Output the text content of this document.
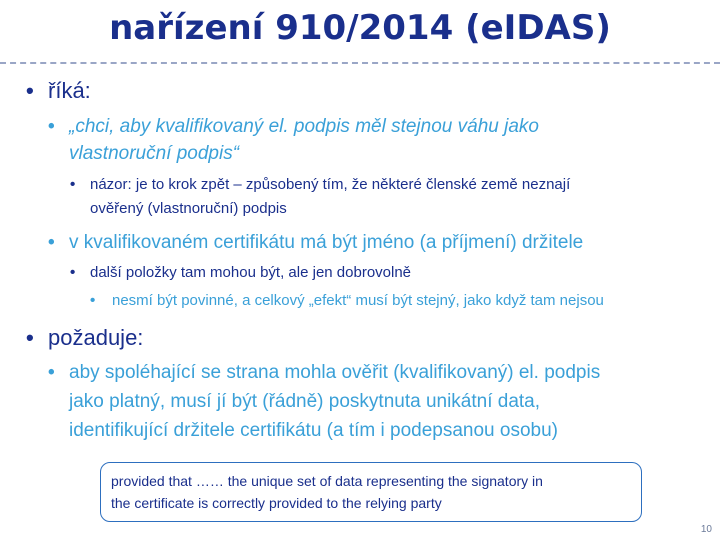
nařízení 910/2014 (eIDAS)
• říká:
• „chci, aby kvalifikovaný el. podpis měl stejnou váhu jako
vlastnoruční podpis“
• názor: je to krok zpět – způsobený tím, že některé členské země neznají
ověřený (vlastnoruční) podpis
• v kvalifikovaném certifikátu má být jméno (a příjmení) držitele
• další položky tam mohou být, ale jen dobrovolně
• nesmí být povinné, a celkový „efekt“ musí být stejný, jako když tam nejsou
• požaduje:
• aby spoléhající se strana mohla ověřit (kvalifikovaný) el. podpis
jako platný, musí jí být (řádně) poskytnuta unikátní data,
identifikující držitele certifikátu (a tím i podepsanou osobu)
provided that …… the unique set of data representing the signatory in
the certificate is correctly provided to the relying party
10
